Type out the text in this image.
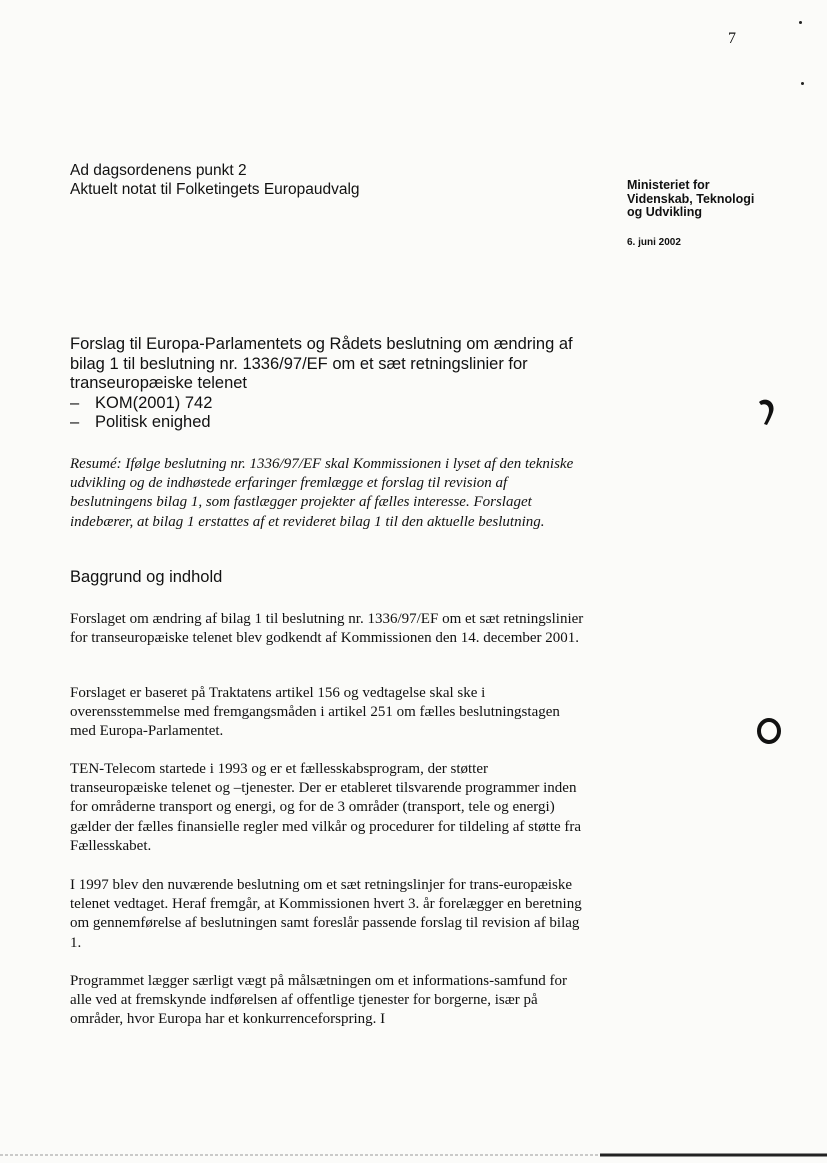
7
Ad dagsordenens punkt 2
Aktuelt notat til Folketingets Europaudvalg	Ministeriet for
Videnskab, Teknologi
og Udvikling
6. juni 2002
Forslag til Europa-Parlamentets og Rådets beslutning om ændring af bilag 1 til beslutning nr. 1336/97/EF om et sæt retningslinier for transeuropæiske telenet
– KOM(2001) 742
– Politisk enighed
Resumé: Ifølge beslutning nr. 1336/97/EF skal Kommissionen i lyset af den tekniske udvikling og de indhøstede erfaringer fremlægge et forslag til revision af beslutningens bilag 1, som fastlægger projekter af fælles interesse. Forslaget indebærer, at bilag 1 erstattes af et revideret bilag 1 til den aktuelle beslutning.
Baggrund og indhold
Forslaget om ændring af bilag 1 til beslutning nr. 1336/97/EF om et sæt retningslinier for transeuropæiske telenet blev godkendt af Kommissionen den 14. december 2001.
Forslaget er baseret på Traktatens artikel 156 og vedtagelse skal ske i overensstemmelse med fremgangsmåden i artikel 251 om fælles beslutningstagen med Europa-Parlamentet.
TEN-Telecom startede i 1993 og er et fællesskabsprogram, der støtter transeuropæiske telenet og –tjenester. Der er etableret tilsvarende programmer inden for områderne transport og energi, og for de 3 områder (transport, tele og energi) gælder der fælles finansielle regler med vilkår og procedurer for tildeling af støtte fra Fællesskabet.
I 1997 blev den nuværende beslutning om et sæt retningslinjer for trans-europæiske telenet vedtaget. Heraf fremgår, at Kommissionen hvert 3. år forelægger en beretning om gennemførelse af beslutningen samt foreslår passende forslag til revision af bilag 1.
Programmet lægger særligt vægt på målsætningen om et informations-samfund for alle ved at fremskynde indførelsen af offentlige tjenester for borgerne, især på områder, hvor Europa har et konkurrenceforspring. I
